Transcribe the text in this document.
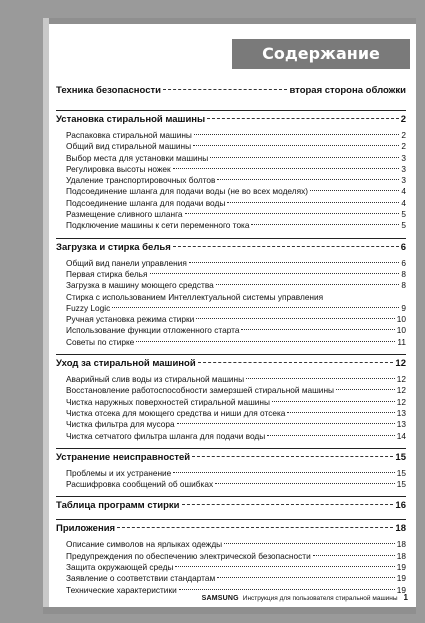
Содержание
Техника безопасности	вторая сторона обложки
Установка стиральной машины	2
Распаковка стиральной машины	2
Общий вид стиральной машины	2
Выбор места для установки машины	3
Регулировка высоты ножек	3
Удаление транспортировочных болтов	3
Подсоединение шланга для подачи воды (не во всех моделях)	4
Подсоединение шланга для подачи воды	4
Размещение сливного шланга	5
Подключение машины к сети переменного тока	5
Загрузка и стирка белья	6
Общий вид панели управления	6
Первая стирка белья	8
Загрузка в машину моющего средства	8
Стирка с использованием Интеллектуальной системы управления
Fuzzy Logic	9
Ручная установка режима стирки	10
Использование функции отложенного старта	10
Советы по стирке	11
Уход за стиральной машиной	12
Аварийный слив воды из стиральной машины	12
Восстановление работоспособности замерзшей стиральной машины	12
Чистка наружных поверхностей стиральной машины	12
Чистка отсека для моющего средства и ниши для отсека	13
Чистка фильтра для мусора	13
Чистка сетчатого фильтра шланга для подачи воды	14
Устранение неисправностей	15
Проблемы и их устранение	15
Расшифровка сообщений об ошибках	15
Таблица программ стирки	16
Приложения	18
Описание символов на ярлыках одежды	18
Предупреждения по обеспечению электрической безопасности	18
Защита окружающей среды	19
Заявление о соответствии стандартам	19
Технические характеристики	19
SAMSUNG Инструкция для пользователя стиральной машины 1
